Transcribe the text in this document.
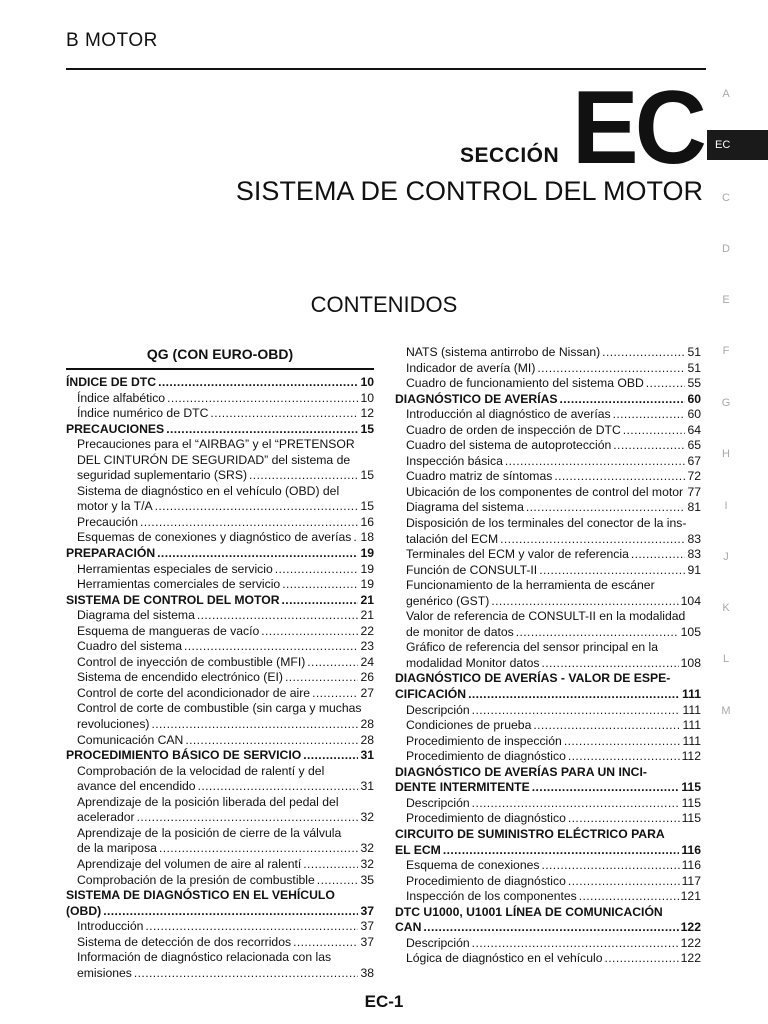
B MOTOR
SECCIÓN EC
SISTEMA DE CONTROL DEL MOTOR
CONTENIDOS
A
EC
C
D
E
F
G
H
I
J
K
L
M
QG (CON EURO-OBD)
ÍNDICE DE DTC . . .	10
Índice alfabético . . .	10
Índice numérico de DTC . . .	12
PRECAUCIONES . . .	15
Precauciones para el “AIRBAG” y el “PRETENSOR
DEL CINTURÓN DE SEGURIDAD” del sistema de
seguridad suplementario (SRS) . . .	15
Sistema de diagnóstico en el vehículo (OBD) del
motor y la T/A . . .	15
Precaución . . .	16
Esquemas de conexiones y diagnóstico de averías . . . 18
PREPARACIÓN . . .	19
Herramientas especiales de servicio . . .	19
Herramientas comerciales de servicio . . .	19
SISTEMA DE CONTROL DEL MOTOR . . .	21
Diagrama del sistema . . .	21
Esquema de mangueras de vacío . . .	22
Cuadro del sistema . . .	23
Control de inyección de combustible (MFI) . . .	24
Sistema de encendido electrónico (EI) . . .	26
Control de corte del acondicionador de aire . . .	27
Control de corte de combustible (sin carga y muchas
revoluciones) . . .	28
Comunicación CAN . . .	28
PROCEDIMIENTO BÁSICO DE SERVICIO . . .	31
Comprobación de la velocidad de ralentí y del
avance del encendido . . .	31
Aprendizaje de la posición liberada del pedal del
acelerador . . .	32
Aprendizaje de la posición de cierre de la válvula
de la mariposa . . .	32
Aprendizaje del volumen de aire al ralentí . . .	32
Comprobación de la presión de combustible . . .	35
SISTEMA DE DIAGNÓSTICO EN EL VEHÍCULO
(OBD) . . .	37
Introducción . . .	37
Sistema de detección de dos recorridos . . .	37
Información de diagnóstico relacionada con las
emisiones . . .	38
NATS (sistema antirrobo de Nissan) . . .	51
Indicador de avería (MI) . . .	51
Cuadro de funcionamiento del sistema OBD . . .	55
DIAGNÓSTICO DE AVERÍAS . . .	60
Introducción al diagnóstico de averías . . .	60
Cuadro de orden de inspección de DTC . . .	64
Cuadro del sistema de autoprotección . . .	65
Inspección básica . . .	67
Cuadro matriz de síntomas . . .	72
Ubicación de los componentes de control del motor . . . 77
Diagrama del sistema . . .	81
Disposición de los terminales del conector de la ins-
talación del ECM . . .	83
Terminales del ECM y valor de referencia . . .	83
Función de CONSULT-II . . .	91
Funcionamiento de la herramienta de escáner
genérico (GST) . . .	104
Valor de referencia de CONSULT-II en la modalidad
de monitor de datos . . .	105
Gráfico de referencia del sensor principal en la
modalidad Monitor datos . . .	108
DIAGNÓSTICO DE AVERÍAS - VALOR DE ESPE-
CIFICACIÓN . . .	111
Descripción . . .	111
Condiciones de prueba . . .	111
Procedimiento de inspección . . .	111
Procedimiento de diagnóstico . . .	112
DIAGNÓSTICO DE AVERÍAS PARA UN INCI-
DENTE INTERMITENTE . . .	115
Descripción . . .	115
Procedimiento de diagnóstico . . .	115
CIRCUITO DE SUMINISTRO ELÉCTRICO PARA
EL ECM . . .	116
Esquema de conexiones . . .	116
Procedimiento de diagnóstico . . .	117
Inspección de los componentes . . .	121
DTC U1000, U1001 LÍNEA DE COMUNICACIÓN
CAN . . .	122
Descripción . . .	122
Lógica de diagnóstico en el vehículo . . .	122
EC-1
